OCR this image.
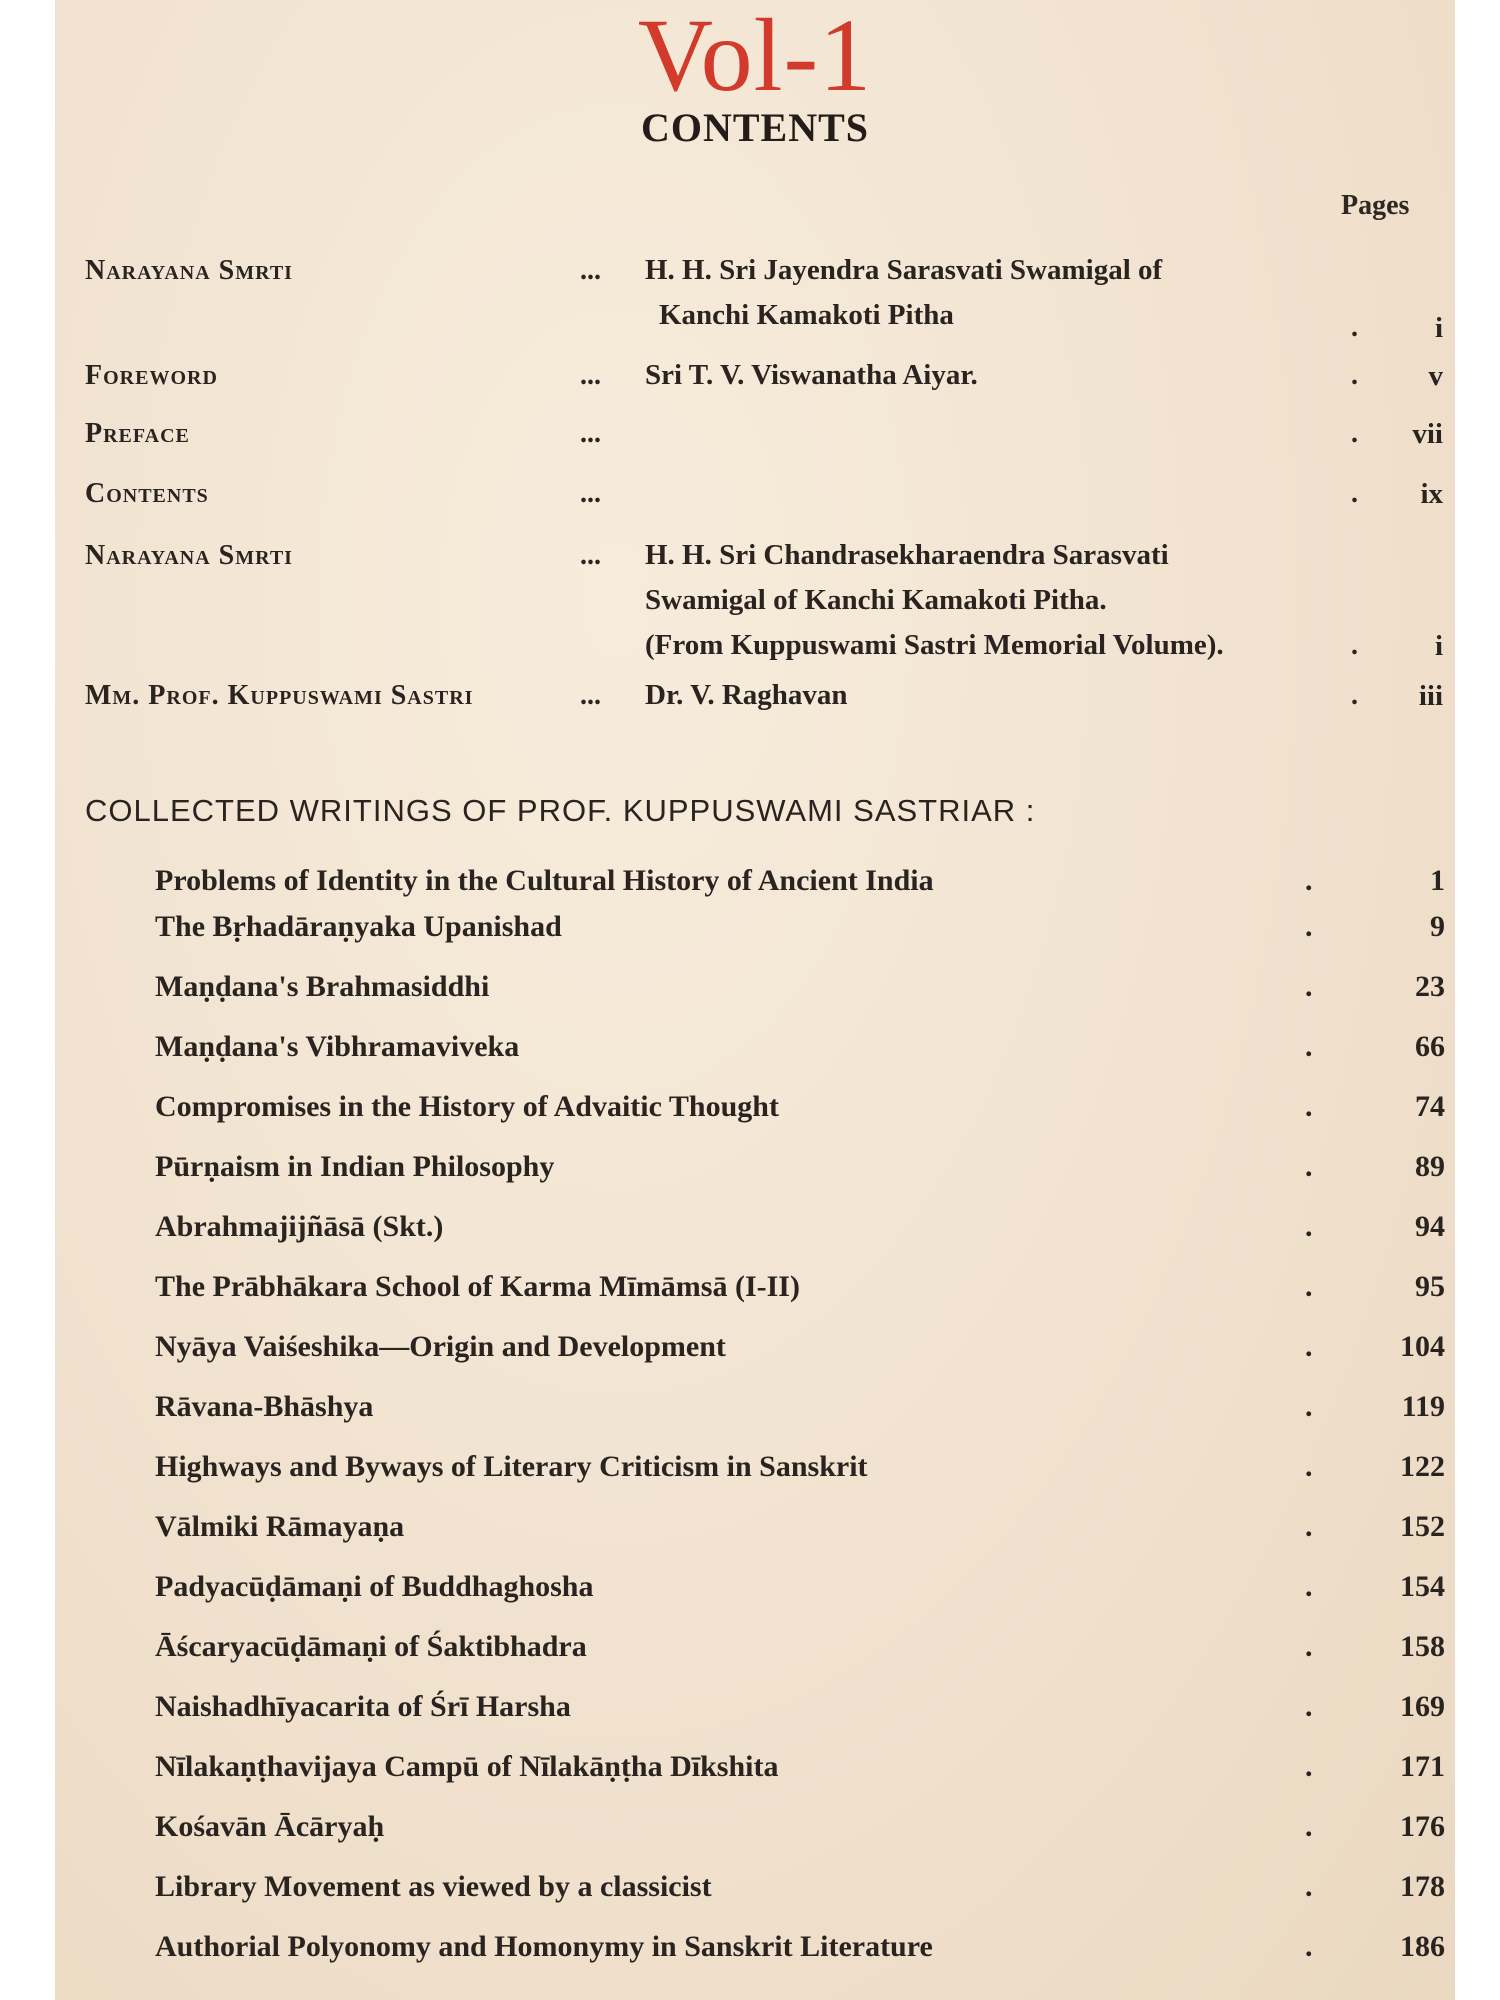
Vol-1
CONTENTS
Pages
Narayana Smrti	... H. H. Sri Jayendra Sarasvati Swamigal of
Kanchi Kamakoti Pitha	.	i
Foreword	... Sri T. V. Viswanatha Aiyar.	.	v
Preface	...	.	vii
Contents	...	.	ix
Narayana Smrti	... H. H. Sri Chandrasekharaendra Sarasvati
Swamigal of Kanchi Kamakoti Pitha.
(From Kuppuswami Sastri Memorial Volume).	.	i
Mm. Prof. Kuppuswami Sastri	... Dr. V. Raghavan	.	iii
COLLECTED WRITINGS OF PROF. KUPPUSWAMI SASTRIAR :
Problems of Identity in the Cultural History of Ancient India	.	1
The Bṛhadāraṇyaka Upanishad	.	9
Maṇḍana's Brahmasiddhi	.	23
Maṇḍana's Vibhramaviveka	.	66
Compromises in the History of Advaitic Thought	.	74
Pūrṇaism in Indian Philosophy	.	89
Abrahmajijñāsā (Skt.)	.	94
The Prābhākara School of Karma Mīmāmsā (I-II)	.	95
Nyāya Vaiśeshika—Origin and Development	.	104
Rāvana-Bhāshya	.	119
Highways and Byways of Literary Criticism in Sanskrit	.	122
Vālmiki Rāmayaṇa	.	152
Padyacūḍāmaṇi of Buddhaghosha	.	154
Āścaryacūḍāmaṇi of Śaktibhadra	.	158
Naishadhīyacarita of Śrī Harsha	.	169
Nīlakaṇṭhavijaya Campū of Nīlakāṇṭha Dīkshita	.	171
Kośavān Ācāryaḥ	.	176
Library Movement as viewed by a classicist	.	178
Authorial Polyonomy and Homonymy in Sanskrit Literature	.	186
